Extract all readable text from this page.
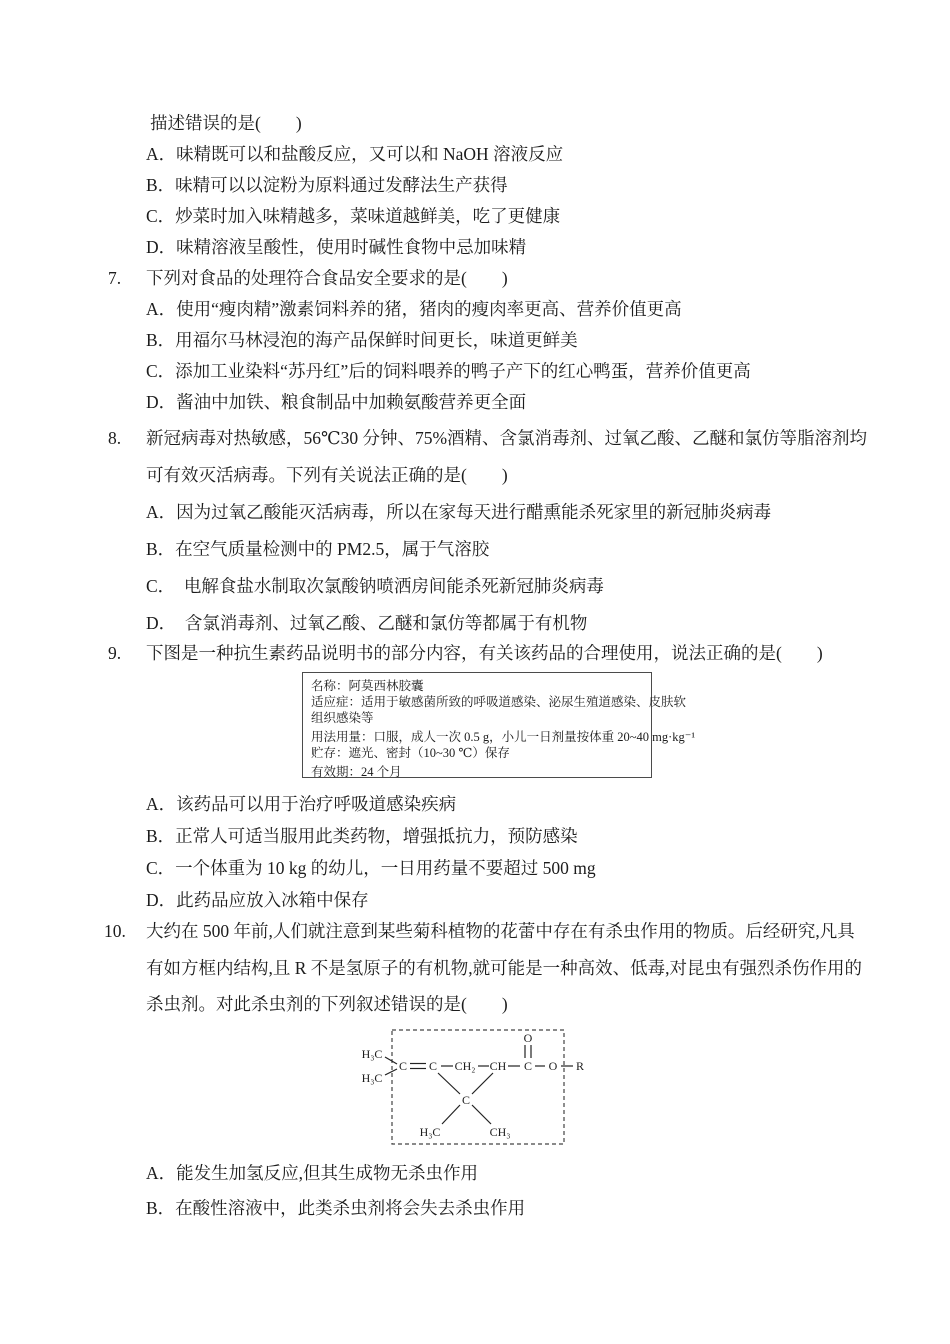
描述错误的是(　　)
A．味精既可以和盐酸反应，又可以和 NaOH 溶液反应
B．味精可以以淀粉为原料通过发酵法生产获得
C．炒菜时加入味精越多，菜味道越鲜美，吃了更健康
D．味精溶液呈酸性，使用时碱性食物中忌加味精
7. 下列对食品的处理符合食品安全要求的是(　　)
A．使用“瘦肉精”激素饲料养的猪，猪肉的瘦肉率更高、营养价值更高
B．用福尔马林浸泡的海产品保鲜时间更长，味道更鲜美
C．添加工业染料“苏丹红”后的饲料喂养的鸭子产下的红心鸭蛋，营养价值更高
D．酱油中加铁、粮食制品中加赖氨酸营养更全面
8. 新冠病毒对热敏感，56℃30 分钟、75%酒精、含氯消毒剂、过氧乙酸、乙醚和氯仿等脂溶剂均
可有效灭活病毒。下列有关说法正确的是(　　)
A．因为过氧乙酸能灭活病毒，所以在家每天进行醋熏能杀死家里的新冠肺炎病毒
B．在空气质量检测中的 PM2.5，属于气溶胶
C．　电解食盐水制取次氯酸钠喷洒房间能杀死新冠肺炎病毒
D．　含氯消毒剂、过氧乙酸、乙醚和氯仿等都属于有机物
9. 下图是一种抗生素药品说明书的部分内容，有关该药品的合理使用，说法正确的是(　　)
名称：阿莫西林胶囊
适应症：适用于敏感菌所致的呼吸道感染、泌尿生殖道感染、皮肤软
组织感染等
用法用量：口服，成人一次 0.5 g，小儿一日剂量按体重 20~40 mg·kg⁻¹
贮存：遮光、密封（10~30 ℃）保存
有效期：24 个月
A．该药品可以用于治疗呼吸道感染疾病
B．正常人可适当服用此类药物，增强抵抗力，预防感染
C．一个体重为 10 kg 的幼儿，一日用药量不要超过 500 mg
D．此药品应放入冰箱中保存
10. 大约在 500 年前,人们就注意到某些菊科植物的花蕾中存在有杀虫作用的物质。后经研究,凡具
有如方框内结构,且 R 不是氢原子的有机物,就可能是一种高效、低毒,对昆虫有强烈杀伤作用的
杀虫剂。对此杀虫剂的下列叙述错误的是(　　)
H₃C
H₃C
C C CH₂ CH C
O
O R
C
H₃C	CH₃
A．能发生加氢反应,但其生成物无杀虫作用
B．在酸性溶液中，此类杀虫剂将会失去杀虫作用
